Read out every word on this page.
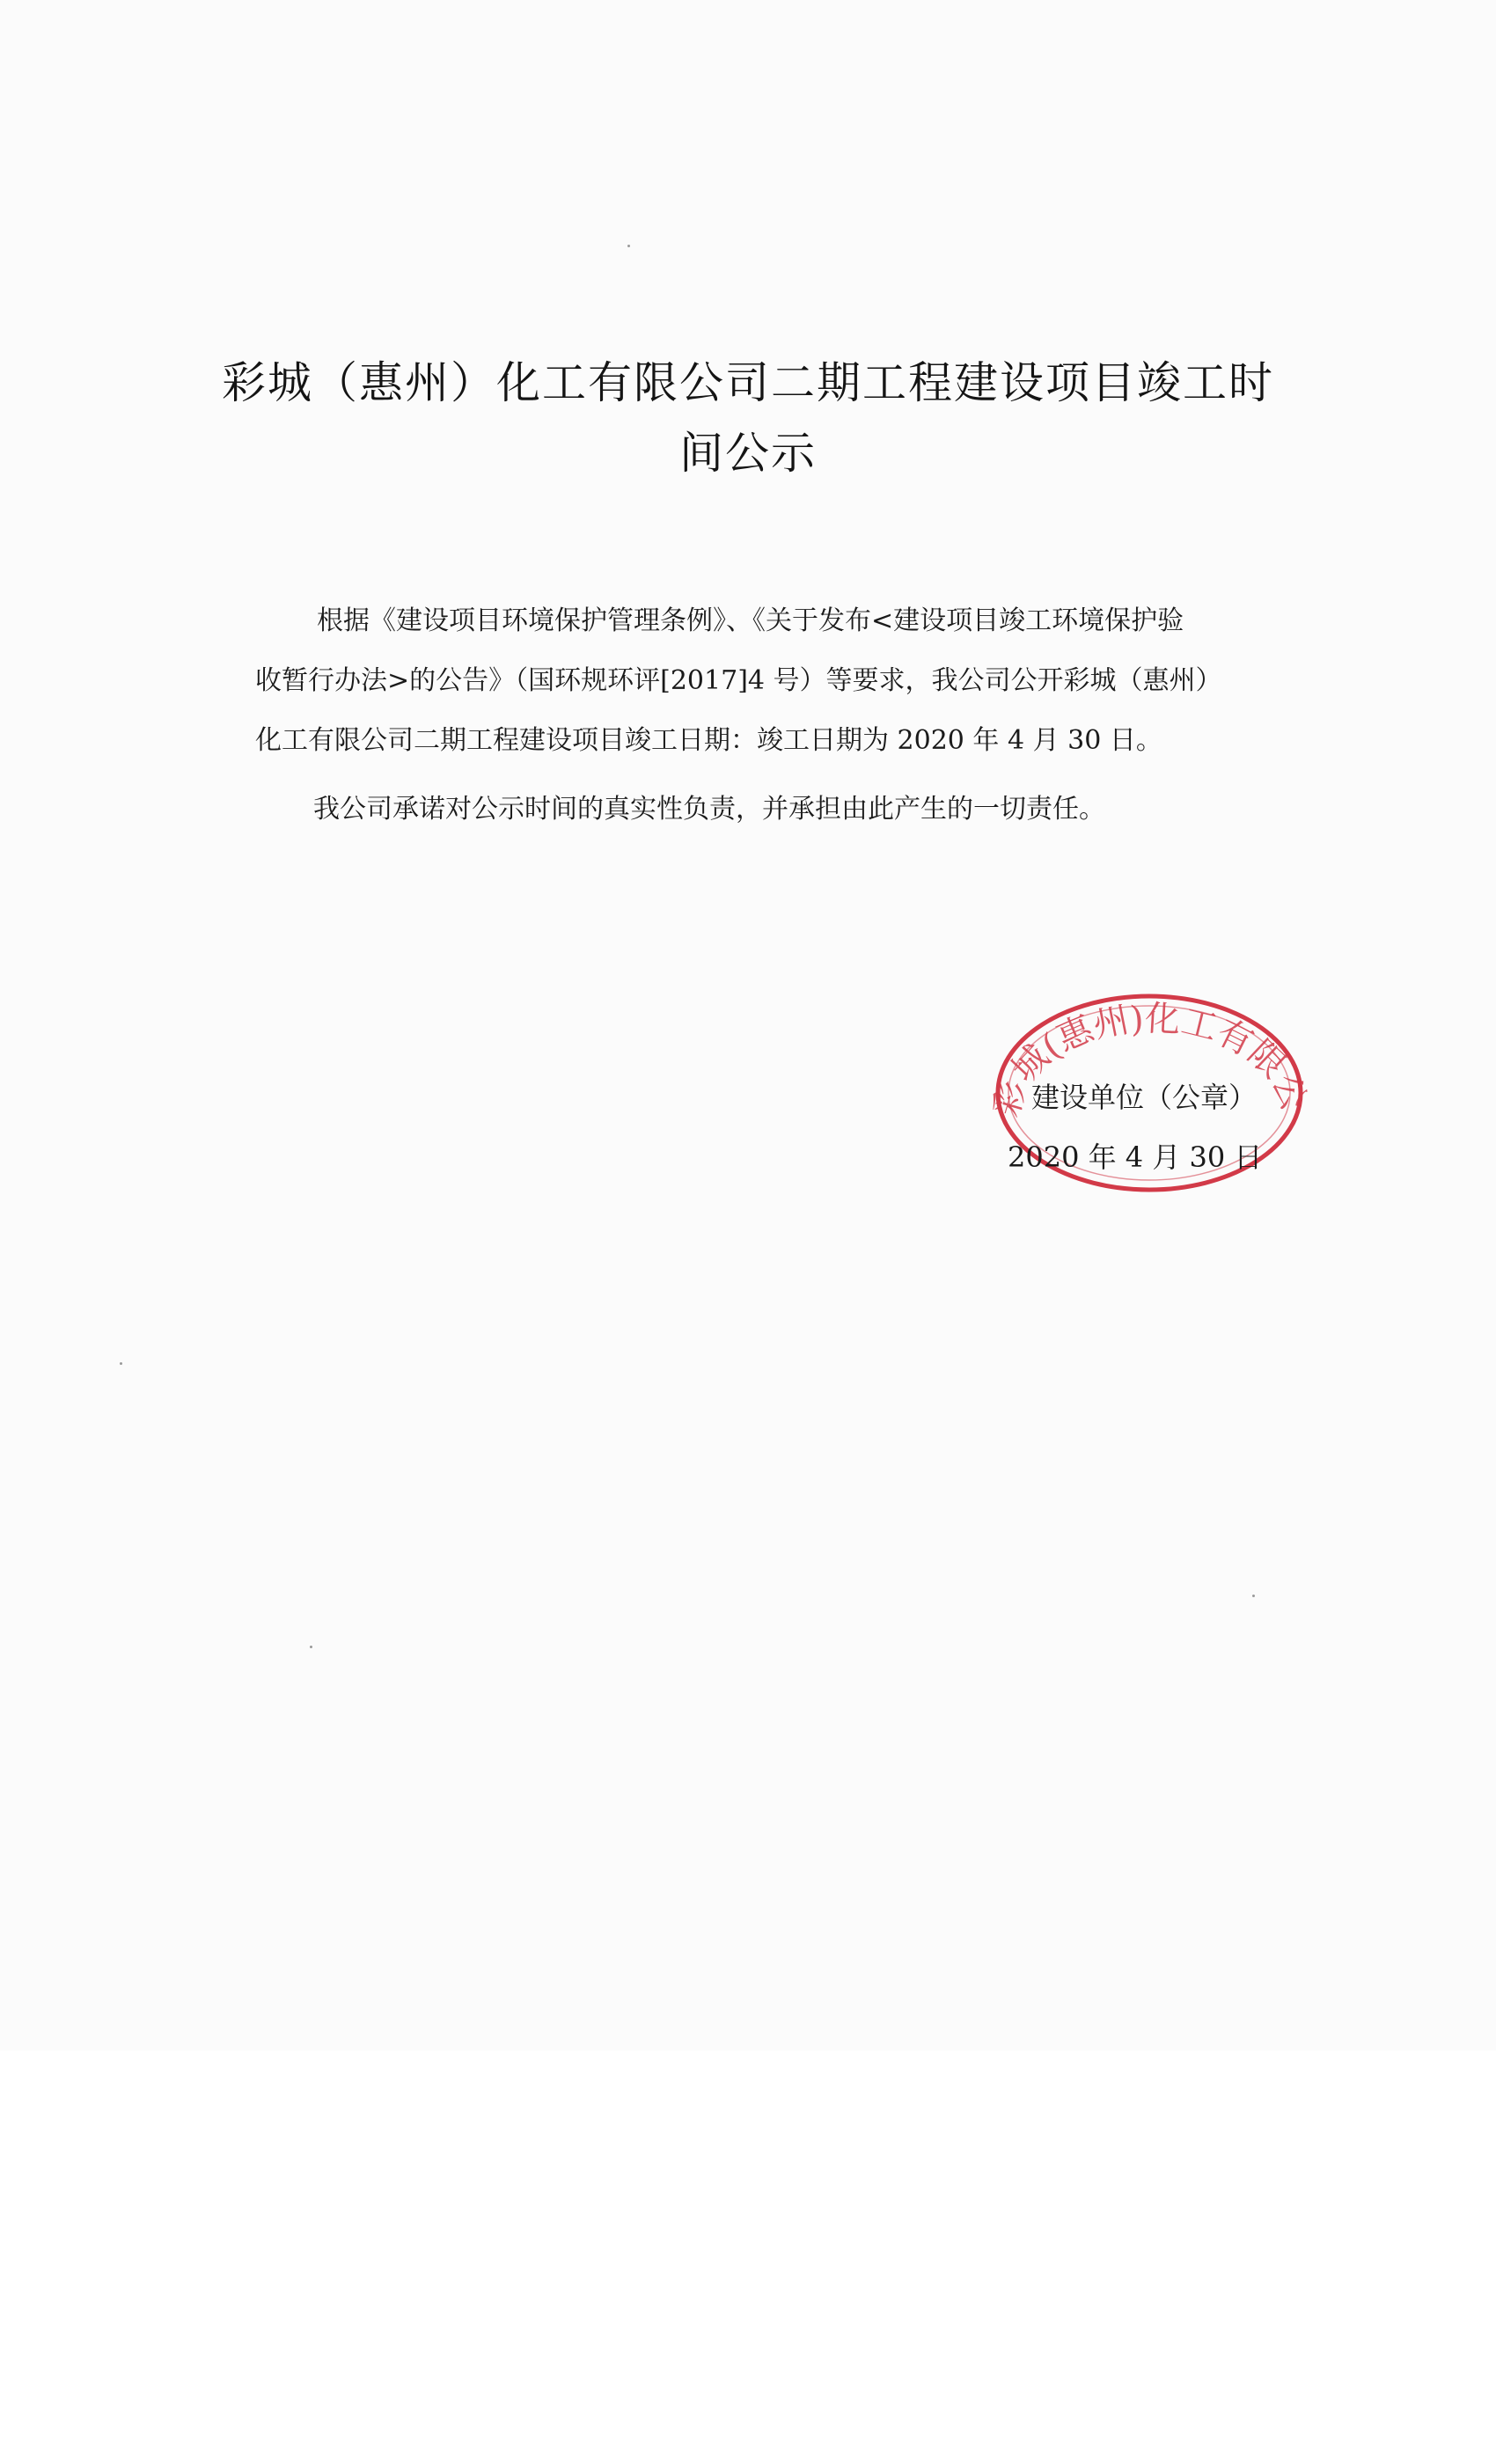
彩城（惠州）化工有限公司二期工程建设项目竣工时
间公示
根据《建设项目环境保护管理条例》、《关于发布<建设项目竣工环境保护验
收暂行办法>的公告》（国环规环评[2017]4 号）等要求，我公司公开彩城（惠州）
化工有限公司二期工程建设项目竣工日期：竣工日期为 2020 年 4 月 30 日。
我公司承诺对公示时间的真实性负责，并承担由此产生的一切责任。
彩城(惠州)化工有限
建设单位（公章）
2020 年 4 月 30 日
